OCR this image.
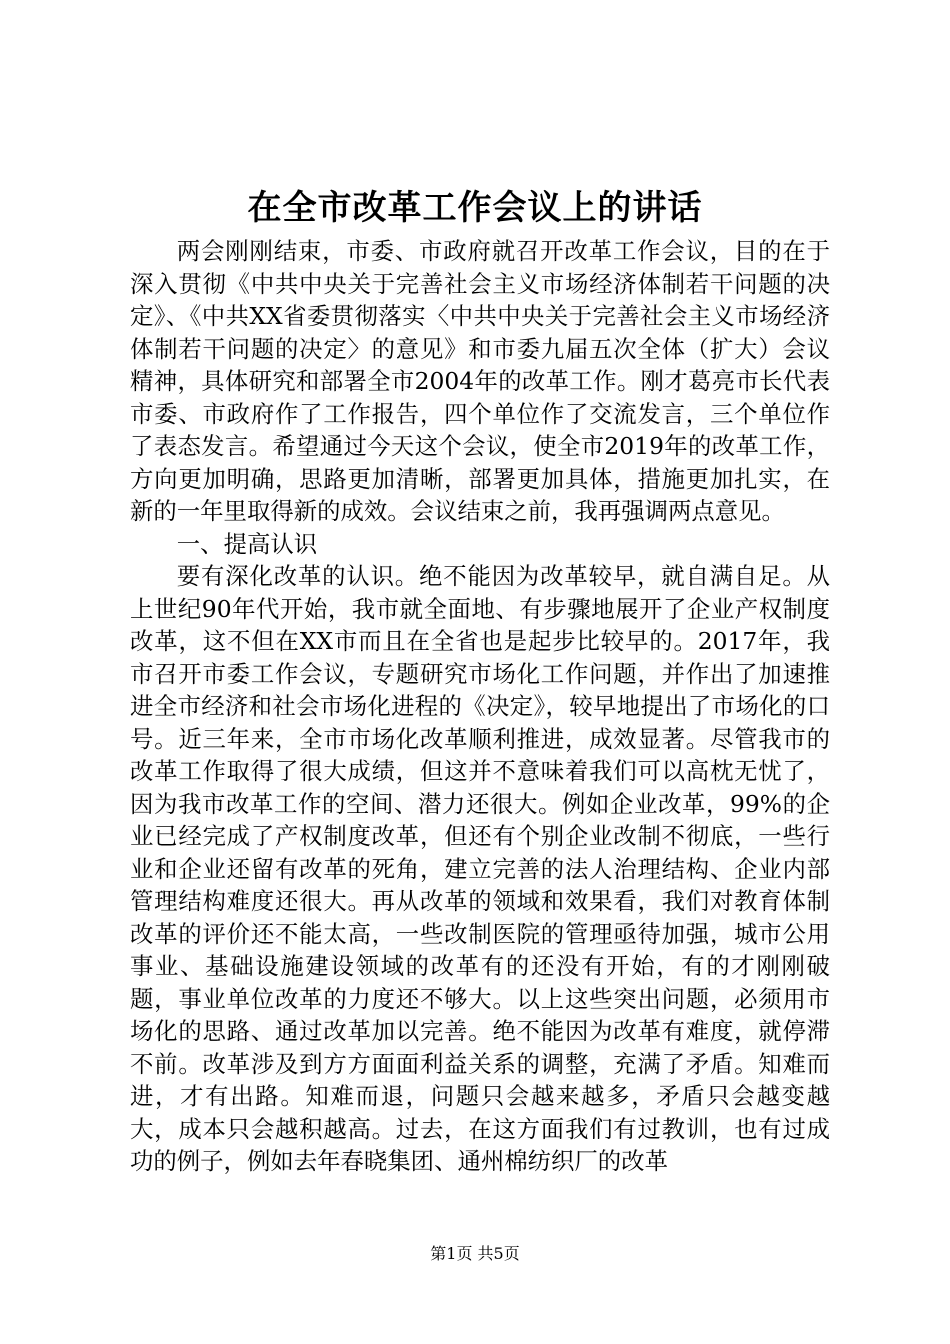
在全市改革工作会议上的讲话

两会刚刚结束，市委、市政府就召开改革工作会议，目的在于深入贯彻《中共中央关于完善社会主义市场经济体制若干问题的决定》、《中共XX省委贯彻落实〈中共中央关于完善社会主义市场经济体制若干问题的决定〉的意见》和市委九届五次全体（扩大）会议精神，具体研究和部署全市2004年的改革工作。刚才葛亮市长代表市委、市政府作了工作报告，四个单位作了交流发言，三个单位作了表态发言。希望通过今天这个会议，使全市2019年的改革工作，方向更加明确，思路更加清晰，部署更加具体，措施更加扎实，在新的一年里取得新的成效。会议结束之前，我再强调两点意见。

一、提高认识

要有深化改革的认识。绝不能因为改革较早，就自满自足。从上世纪90年代开始，我市就全面地、有步骤地展开了企业产权制度改革，这不但在XX市而且在全省也是起步比较早的。2017年，我市召开市委工作会议，专题研究市场化工作问题，并作出了加速推进全市经济和社会市场化进程的《决定》，较早地提出了市场化的口号。近三年来，全市市场化改革顺利推进，成效显著。尽管我市的改革工作取得了很大成绩，但这并不意味着我们可以高枕无忧了，因为我市改革工作的空间、潜力还很大。例如企业改革，99%的企业已经完成了产权制度改革，但还有个别企业改制不彻底，一些行业和企业还留有改革的死角，建立完善的法人治理结构、企业内部管理结构难度还很大。再从改革的领域和效果看，我们对教育体制改革的评价还不能太高，一些改制医院的管理亟待加强，城市公用事业、基础设施建设领域的改革有的还没有开始，有的才刚刚破题，事业单位改革的力度还不够大。以上这些突出问题，必须用市场化的思路、通过改革加以完善。绝不能因为改革有难度，就停滞不前。改革涉及到方方面面利益关系的调整，充满了矛盾。知难而进，才有出路。知难而退，问题只会越来越多，矛盾只会越变越大，成本只会越积越高。过去，在这方面我们有过教训，也有过成功的例子，例如去年春晓集团、通州棉纺织厂的改革

第1页 共5页
